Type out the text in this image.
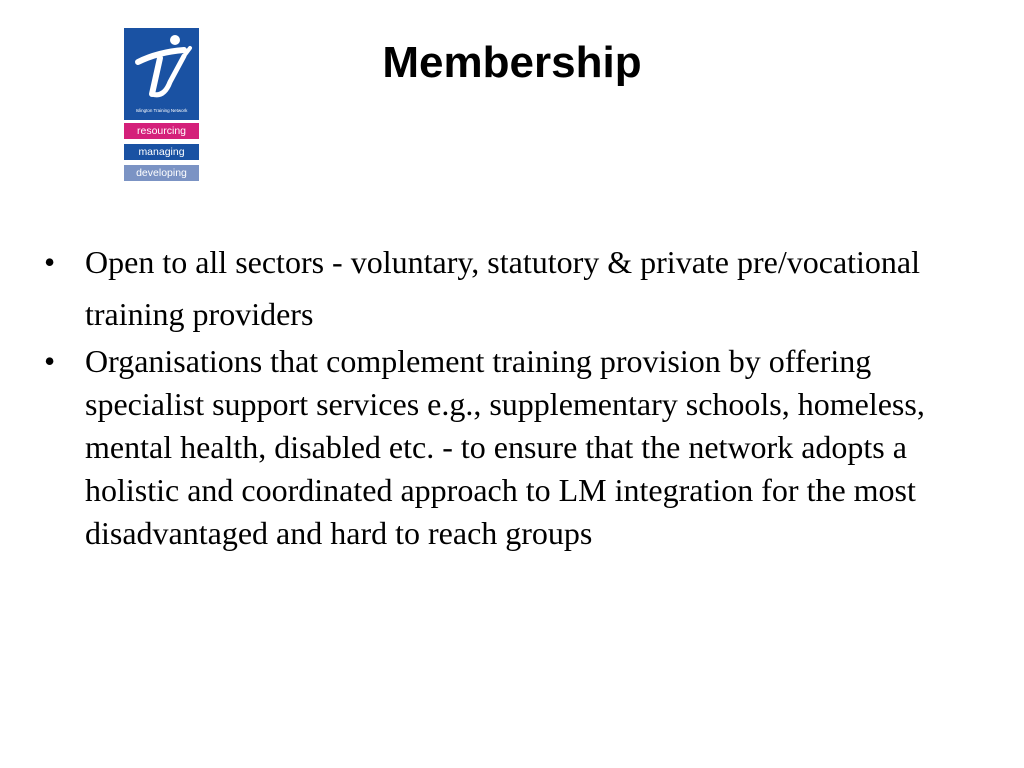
Islington Training Network
resourcing
managing
developing
Membership
• Open to all sectors - voluntary, statutory & private pre/vocational training providers
• Organisations that complement training provision by offering specialist support services e.g., supplementary schools, homeless, mental health, disabled etc. - to ensure that the network adopts a holistic and coordinated approach to LM integration for the most disadvantaged and hard to reach groups
